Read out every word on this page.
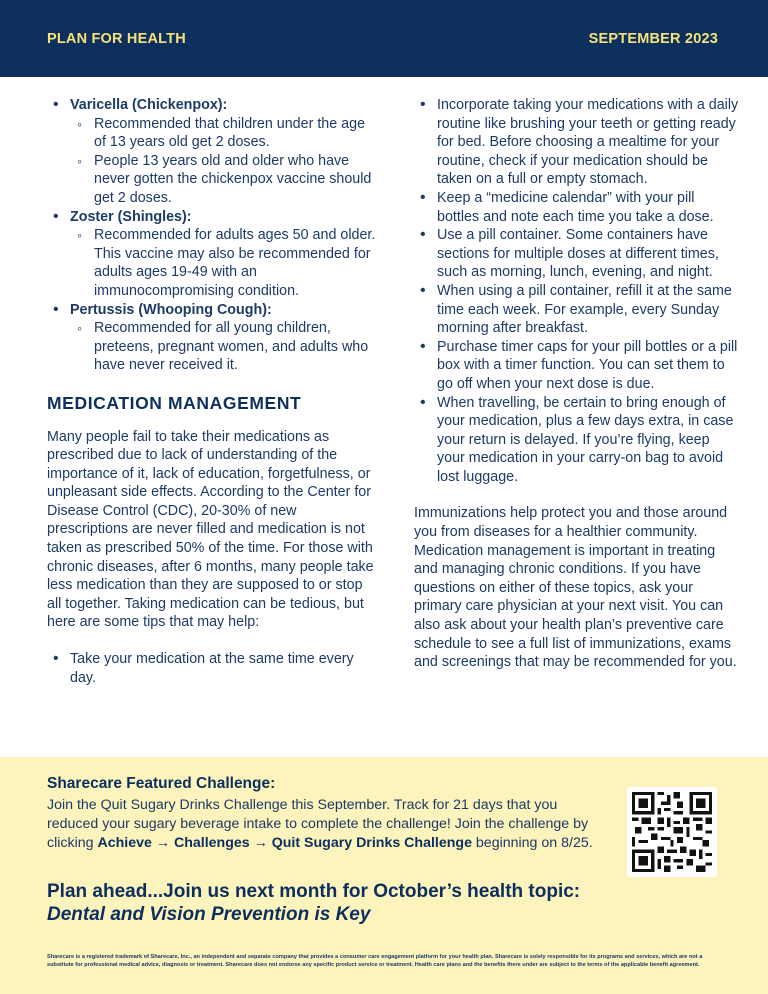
PLAN FOR HEALTH	SEPTEMBER 2023
• Varicella (Chickenpox):
◦ Recommended that children under the age of 13 years old get 2 doses.
◦ People 13 years old and older who have never gotten the chickenpox vaccine should get 2 doses.
• Zoster (Shingles):
◦ Recommended for adults ages 50 and older. This vaccine may also be recommended for adults ages 19-49 with an immunocompromising condition.
• Pertussis (Whooping Cough):
◦ Recommended for all young children, preteens, pregnant women, and adults who have never received it.
MEDICATION MANAGEMENT

Many people fail to take their medications as prescribed due to lack of understanding of the importance of it, lack of education, forgetfulness, or unpleasant side effects. According to the Center for Disease Control (CDC), 20-30% of new prescriptions are never filled and medication is not taken as prescribed 50% of the time. For those with chronic diseases, after 6 months, many people take less medication than they are supposed to or stop all together. Taking medication can be tedious, but here are some tips that may help:

• Take your medication at the same time every day.
• Incorporate taking your medications with a daily routine like brushing your teeth or getting ready for bed. Before choosing a mealtime for your routine, check if your medication should be taken on a full or empty stomach.
• Keep a “medicine calendar” with your pill bottles and note each time you take a dose.
• Use a pill container. Some containers have sections for multiple doses at different times, such as morning, lunch, evening, and night.
• When using a pill container, refill it at the same time each week. For example, every Sunday morning after breakfast.
• Purchase timer caps for your pill bottles or a pill box with a timer function. You can set them to go off when your next dose is due.
• When travelling, be certain to bring enough of your medication, plus a few days extra, in case your return is delayed. If you’re flying, keep your medication in your carry-on bag to avoid lost luggage.

Immunizations help protect you and those around you from diseases for a healthier community. Medication management is important in treating and managing chronic conditions. If you have questions on either of these topics, ask your primary care physician at your next visit. You can also ask about your health plan’s preventive care schedule to see a full list of immunizations, exams and screenings that may be recommended for you.

Sharecare Featured Challenge:
Join the Quit Sugary Drinks Challenge this September. Track for 21 days that you reduced your sugary beverage intake to complete the challenge! Join the challenge by clicking Achieve → Challenges → Quit Sugary Drinks Challenge beginning on 8/25.
Plan ahead...Join us next month for October’s health topic:
Dental and Vision Prevention is Key
Sharecare is a registered trademark of Sharecare, Inc., an independent and separate company that provides a consumer care engagement platform for your health plan. Sharecare is solely responsible for its programs and services, which are not a substitute for professional medical advice, diagnosis or treatment. Sharecare does not endorse any specific product service or treatment. Health care plans and the benefits there under are subject to the terms of the applicable benefit agreement.
